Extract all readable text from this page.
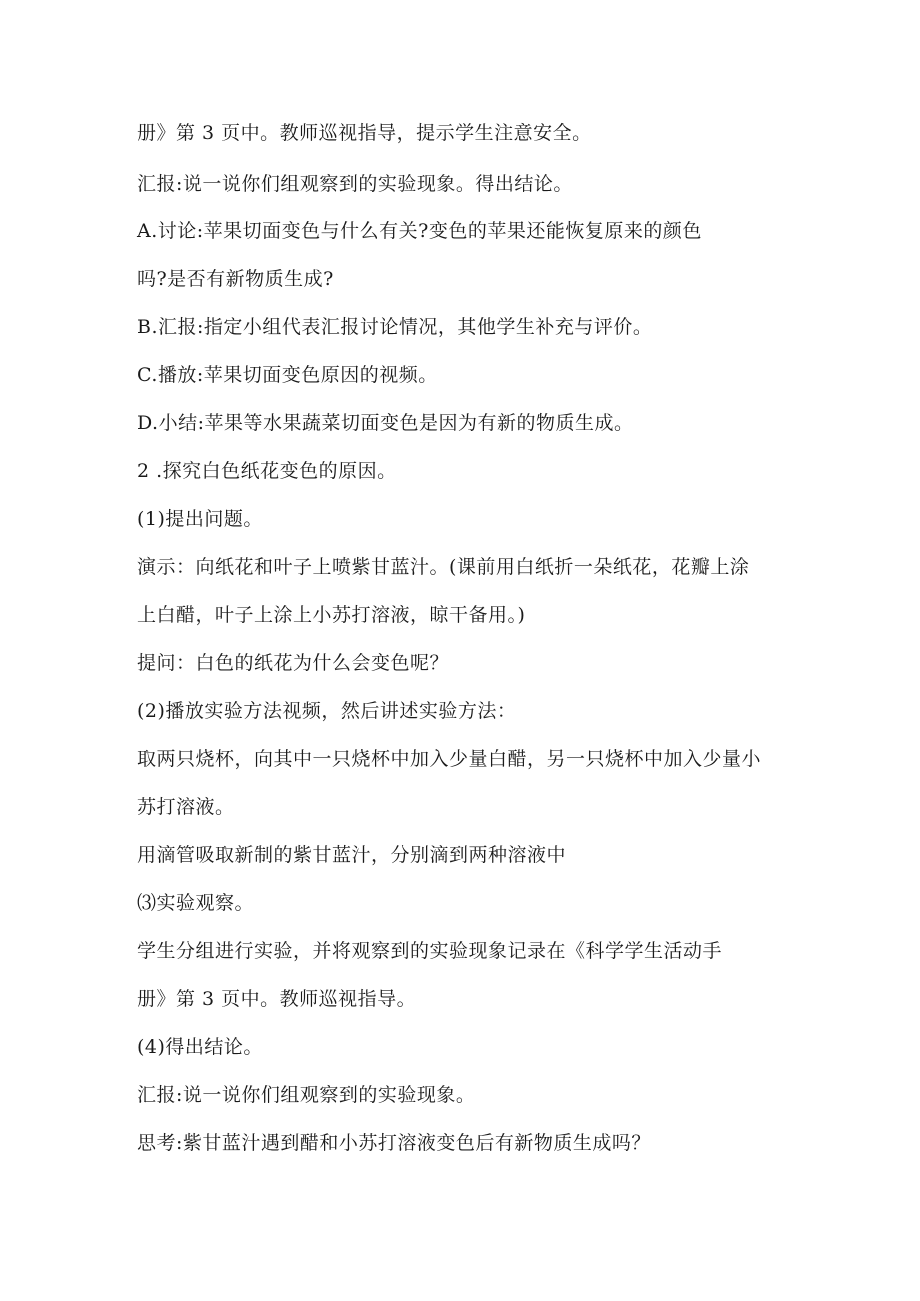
册》第 3 页中。教师巡视指导，提示学生注意安全。
汇报:说一说你们组观察到的实验现象。得出结论。
A.讨论:苹果切面变色与什么有关?变色的苹果还能恢复原来的颜色
吗?是否有新物质生成?
B.汇报:指定小组代表汇报讨论情况，其他学生补充与评价。
C.播放:苹果切面变色原因的视频。
D.小结:苹果等水果蔬菜切面变色是因为有新的物质生成。
2 .探究白色纸花变色的原因。
(1)提出问题。
演示：向纸花和叶子上喷紫甘蓝汁。(课前用白纸折一朵纸花，花瓣上涂
上白醋，叶子上涂上小苏打溶液，晾干备用。)
提问：白色的纸花为什么会变色呢？
(2)播放实验方法视频，然后讲述实验方法：
取两只烧杯，向其中一只烧杯中加入少量白醋，另一只烧杯中加入少量小
苏打溶液。
用滴管吸取新制的紫甘蓝汁，分别滴到两种溶液中
⑶实验观察。
学生分组进行实验，并将观察到的实验现象记录在《科学学生活动手
册》第 3 页中。教师巡视指导。
(4)得出结论。
汇报:说一说你们组观察到的实验现象。
思考:紫甘蓝汁遇到醋和小苏打溶液变色后有新物质生成吗？
